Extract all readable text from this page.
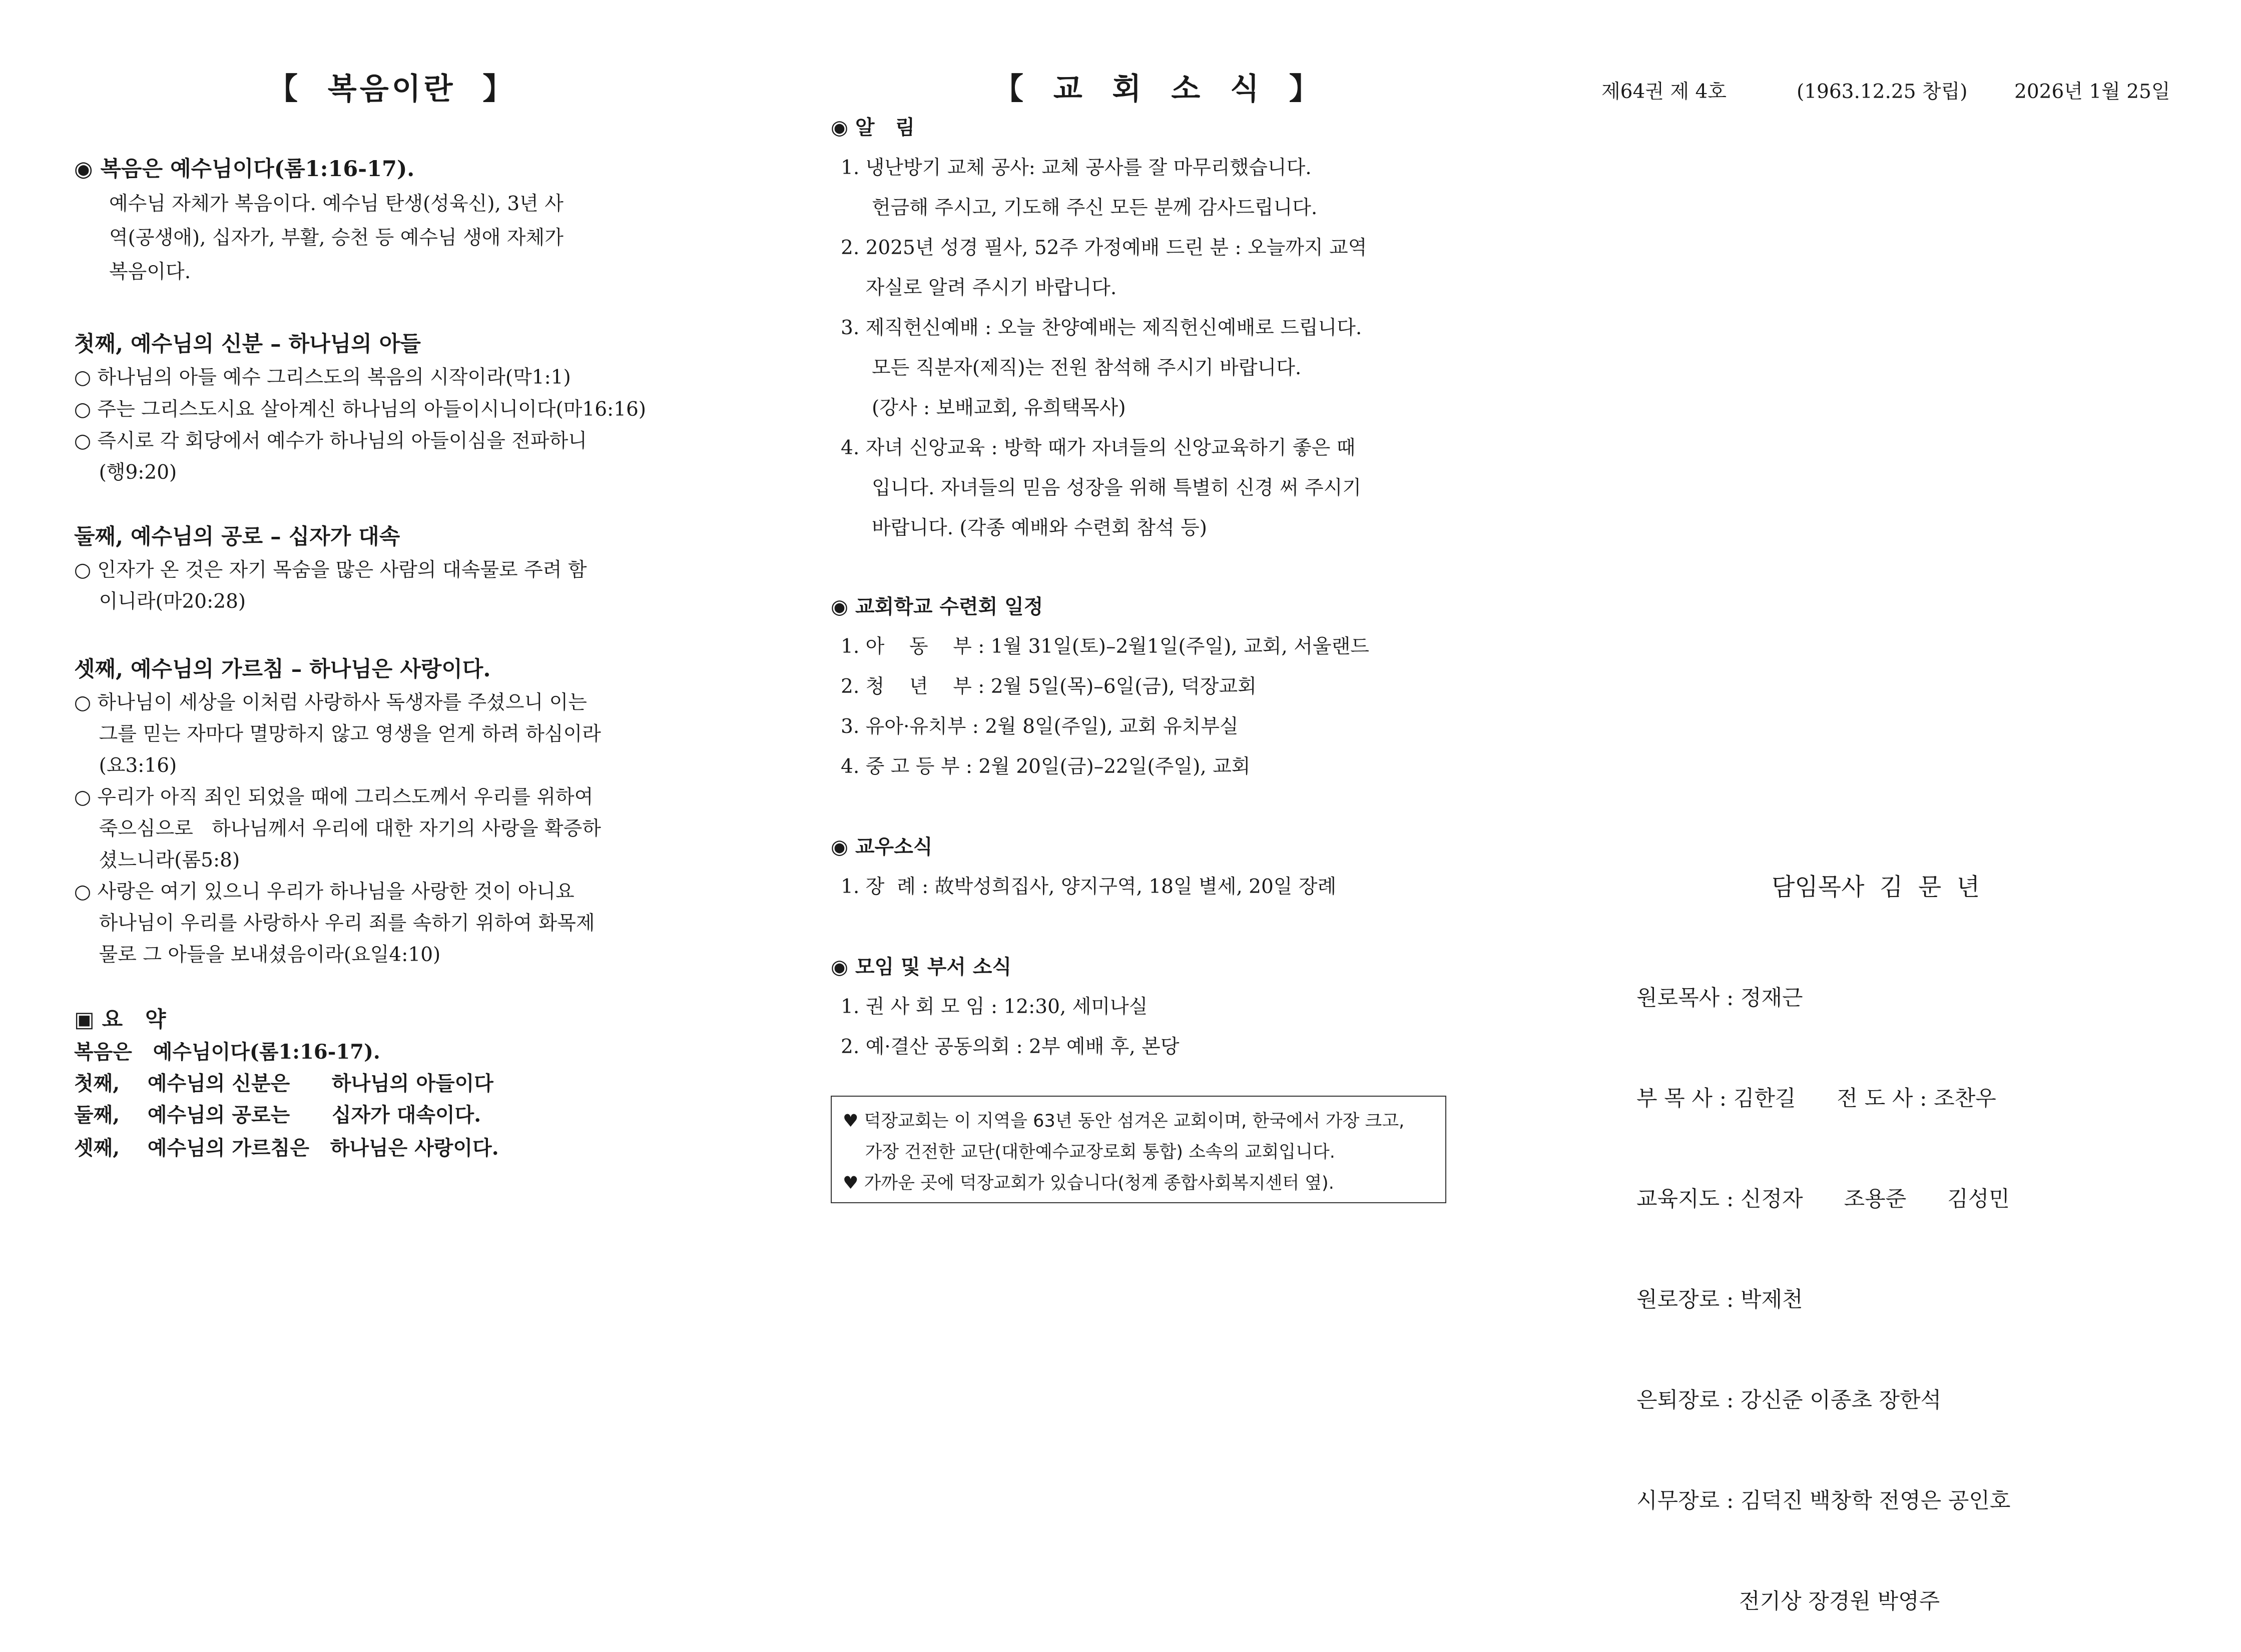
【  복음이란  】
◉ 복음은 예수님이다(롬1:16-17).
예수님 자체가 복음이다. 예수님 탄생(성육신), 3년 사
역(공생애), 십자가, 부활, 승천 등 예수님 생애 자체가
복음이다.
첫째, 예수님의 신분 – 하나님의 아들
○ 하나님의 아들 예수 그리스도의 복음의 시작이라(막1:1)
○ 주는 그리스도시요 살아계신 하나님의 아들이시니이다(마16:16)
○ 즉시로 각 회당에서 예수가 하나님의 아들이심을 전파하니
(행9:20)
둘째, 예수님의 공로 – 십자가 대속
○ 인자가 온 것은 자기 목숨을 많은 사람의 대속물로 주려 함
이니라(마20:28)
셋째, 예수님의 가르침 – 하나님은 사랑이다.
○ 하나님이 세상을 이처럼 사랑하사 독생자를 주셨으니 이는
그를 믿는 자마다 멸망하지 않고 영생을 얻게 하려 하심이라
(요3:16)
○ 우리가 아직 죄인 되었을 때에 그리스도께서 우리를 위하여
죽으심으로   하나님께서 우리에 대한 자기의 사랑을 확증하
셨느니라(롬5:8)
○ 사랑은 여기 있으니 우리가 하나님을 사랑한 것이 아니요
하나님이 우리를 사랑하사 우리 죄를 속하기 위하여 화목제
물로 그 아들을 보내셨음이라(요일4:10)
▣ 요   약
복음은   예수님이다(롬1:16-17).
첫째,    예수님의 신분은      하나님의 아들이다
둘째,    예수님의 공로는      십자가 대속이다.
셋째,    예수님의 가르침은   하나님은 사랑이다.
【  교  회  소  식  】
◉ 알   림
1. 냉난방기 교체 공사: 교체 공사를 잘 마무리했습니다.
헌금해 주시고, 기도해 주신 모든 분께 감사드립니다.
2. 2025년 성경 필사, 52주 가정예배 드린 분 : 오늘까지 교역
자실로 알려 주시기 바랍니다.
3. 제직헌신예배 : 오늘 찬양예배는 제직헌신예배로 드립니다.
모든 직분자(제직)는 전원 참석해 주시기 바랍니다.
(강사 : 보배교회, 유희택목사)
4. 자녀 신앙교육 : 방학 때가 자녀들의 신앙교육하기 좋은 때
입니다. 자녀들의 믿음 성장을 위해 특별히 신경 써 주시기
바랍니다. (각종 예배와 수련회 참석 등)
◉ 교회학교 수련회 일정
1. 아    동    부 : 1월 31일(토)–2월1일(주일), 교회, 서울랜드
2. 청    년    부 : 2월 5일(목)–6일(금), 덕장교회
3. 유아·유치부 : 2월 8일(주일), 교회 유치부실
4. 중 고 등 부 : 2월 20일(금)–22일(주일), 교회
◉ 교우소식
1. 장  례 : 故박성희집사, 양지구역, 18일 별세, 20일 장례
◉ 모임 및 부서 소식
1. 권 사 회 모 임 : 12:30, 세미나실
2. 예·결산 공동의회 : 2부 예배 후, 본당
♥ 덕장교회는 이 지역을 63년 동안 섬겨온 교회이며, 한국에서 가장 크고,
가장 건전한 교단(대한예수교장로회 통합) 소속의 교회입니다.
♥ 가까운 곳에 덕장교회가 있습니다(청계 종합사회복지센터 옆).
제64권 제 4호	(1963.12.25 창립) 2026년 1월 25일
담임목사  김  문  년

원로목사 : 정재근

부 목 사 : 김한길      전 도 사 : 조찬우

교육지도 : 신정자      조용준      김성민

원로장로 : 박제천

은퇴장로 : 강신준 이종초 장한석

시무장로 : 김덕진 백창학 전영은 공인호

전기상 장경원 박영주
